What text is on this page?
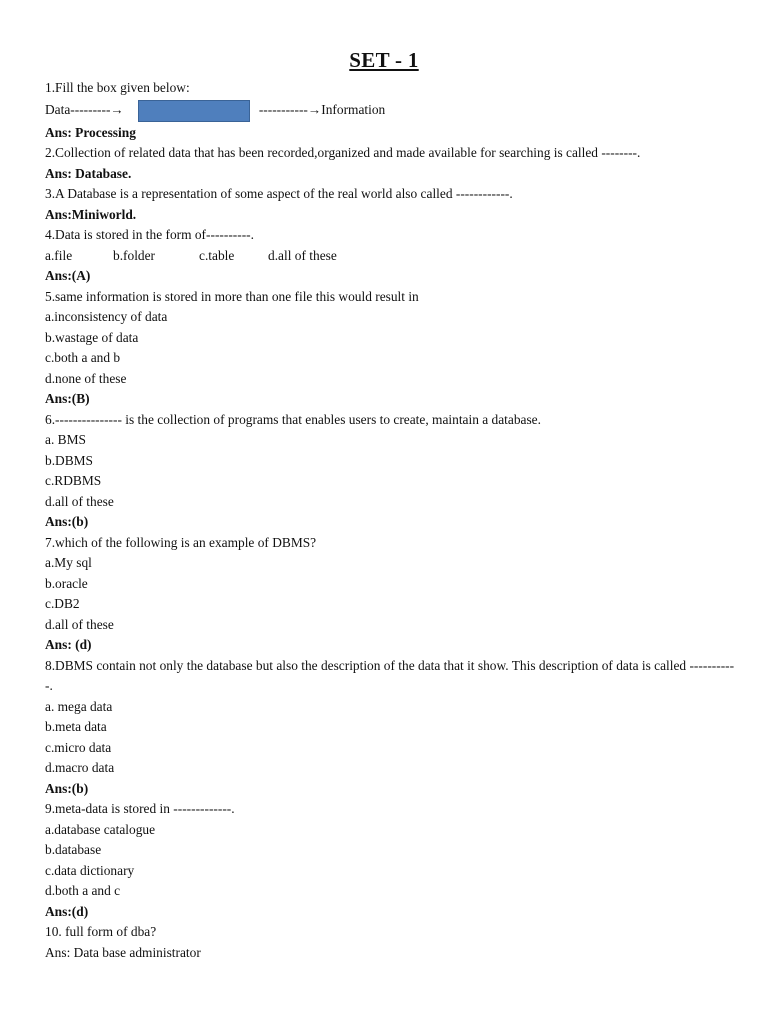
SET - 1
1.Fill the box given below:
Data---------→	-----------→Information
Ans: Processing
2.Collection of related data that has been recorded,organized and made available for searching is called --------.
Ans: Database.
3.A Database is a representation of some aspect of the real world also called ------------.
Ans:Miniworld.
4.Data is stored in the form of----------.
a.file	b.folder	c.table	d.all of these
Ans:(A)
5.same information is stored in more than one file this would result in
a.inconsistency of data
b.wastage of data
c.both a and b
d.none of these
Ans:(B)
6.--------------- is the collection of programs that enables users to create, maintain a database.
a. BMS
b.DBMS
c.RDBMS
d.all of these
Ans:(b)
7.which of the following is an example of DBMS?
a.My sql
b.oracle
c.DB2
d.all of these
Ans: (d)
8.DBMS contain not only the database but also the description of the data that it show. This description of data is called -----------.
a. mega data
b.meta data
c.micro data
d.macro data
Ans:(b)
9.meta-data is stored in -------------.
a.database catalogue
b.database
c.data dictionary
d.both a and c
Ans:(d)
10. full form of dba?
Ans: Data base administrator
